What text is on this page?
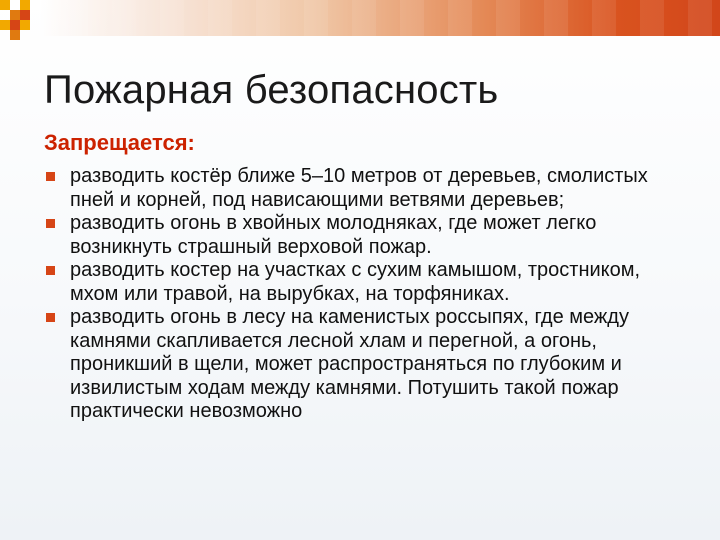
Пожарная безопасность
Запрещается:
разводить костёр ближе 5–10 метров от деревьев, смолистых пней и корней, под нависающими ветвями деревьев;
разводить огонь в хвойных молодняках, где может легко возникнуть страшный верховой пожар.
разводить костер на участках с сухим камышом, тростником, мхом или травой, на вырубках, на торфяниках.
разводить огонь в лесу на каменистых россыпях, где между камнями скапливается лесной хлам и перегной, а огонь, проникший в щели, может распространяться по глубоким и извилистым ходам между камнями. Потушить такой пожар практически невозможно
